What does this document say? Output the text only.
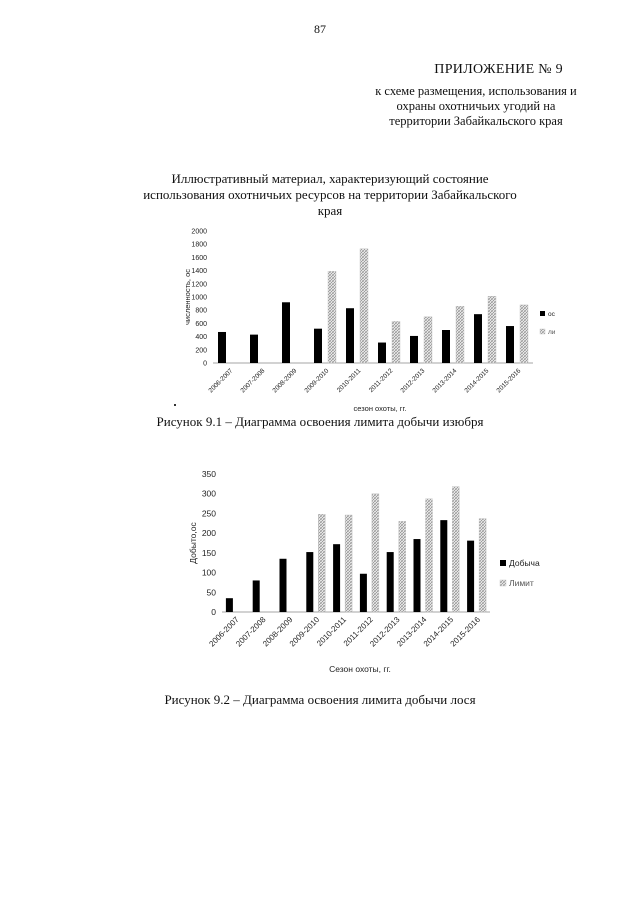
87
ПРИЛОЖЕНИЕ № 9
к схеме размещения, использования и
охраны охотничьих угодий на
территории Забайкальского края
Иллюстративный материал, характеризующий состояние
использования охотничьих ресурсов на территории Забайкальского края
0
200
400
600
800
1000
1200
1400
1600
1800
2000
2006-2007 2007-2008 2008-2009 2009-2010 2010-2011 2011-2012 2012-2013 2013-2014 2014-2015 2015-2016
сезон охоты, гг.
численность, ос	ос
ли
Рисунок 9.1 – Диаграмма освоения лимита добычи изюбря
0
50
100
150
200
250
300
350
2006-2007
2007-2008
2008-2009
2009-2010
2010-2011
2011-2012
2012-2013
2013-2014
2014-2015
2015-2016
Сезон охоты, гг.
Добыто,ос	Добыча
Лимит
Рисунок 9.2 – Диаграмма освоения лимита добычи лося
